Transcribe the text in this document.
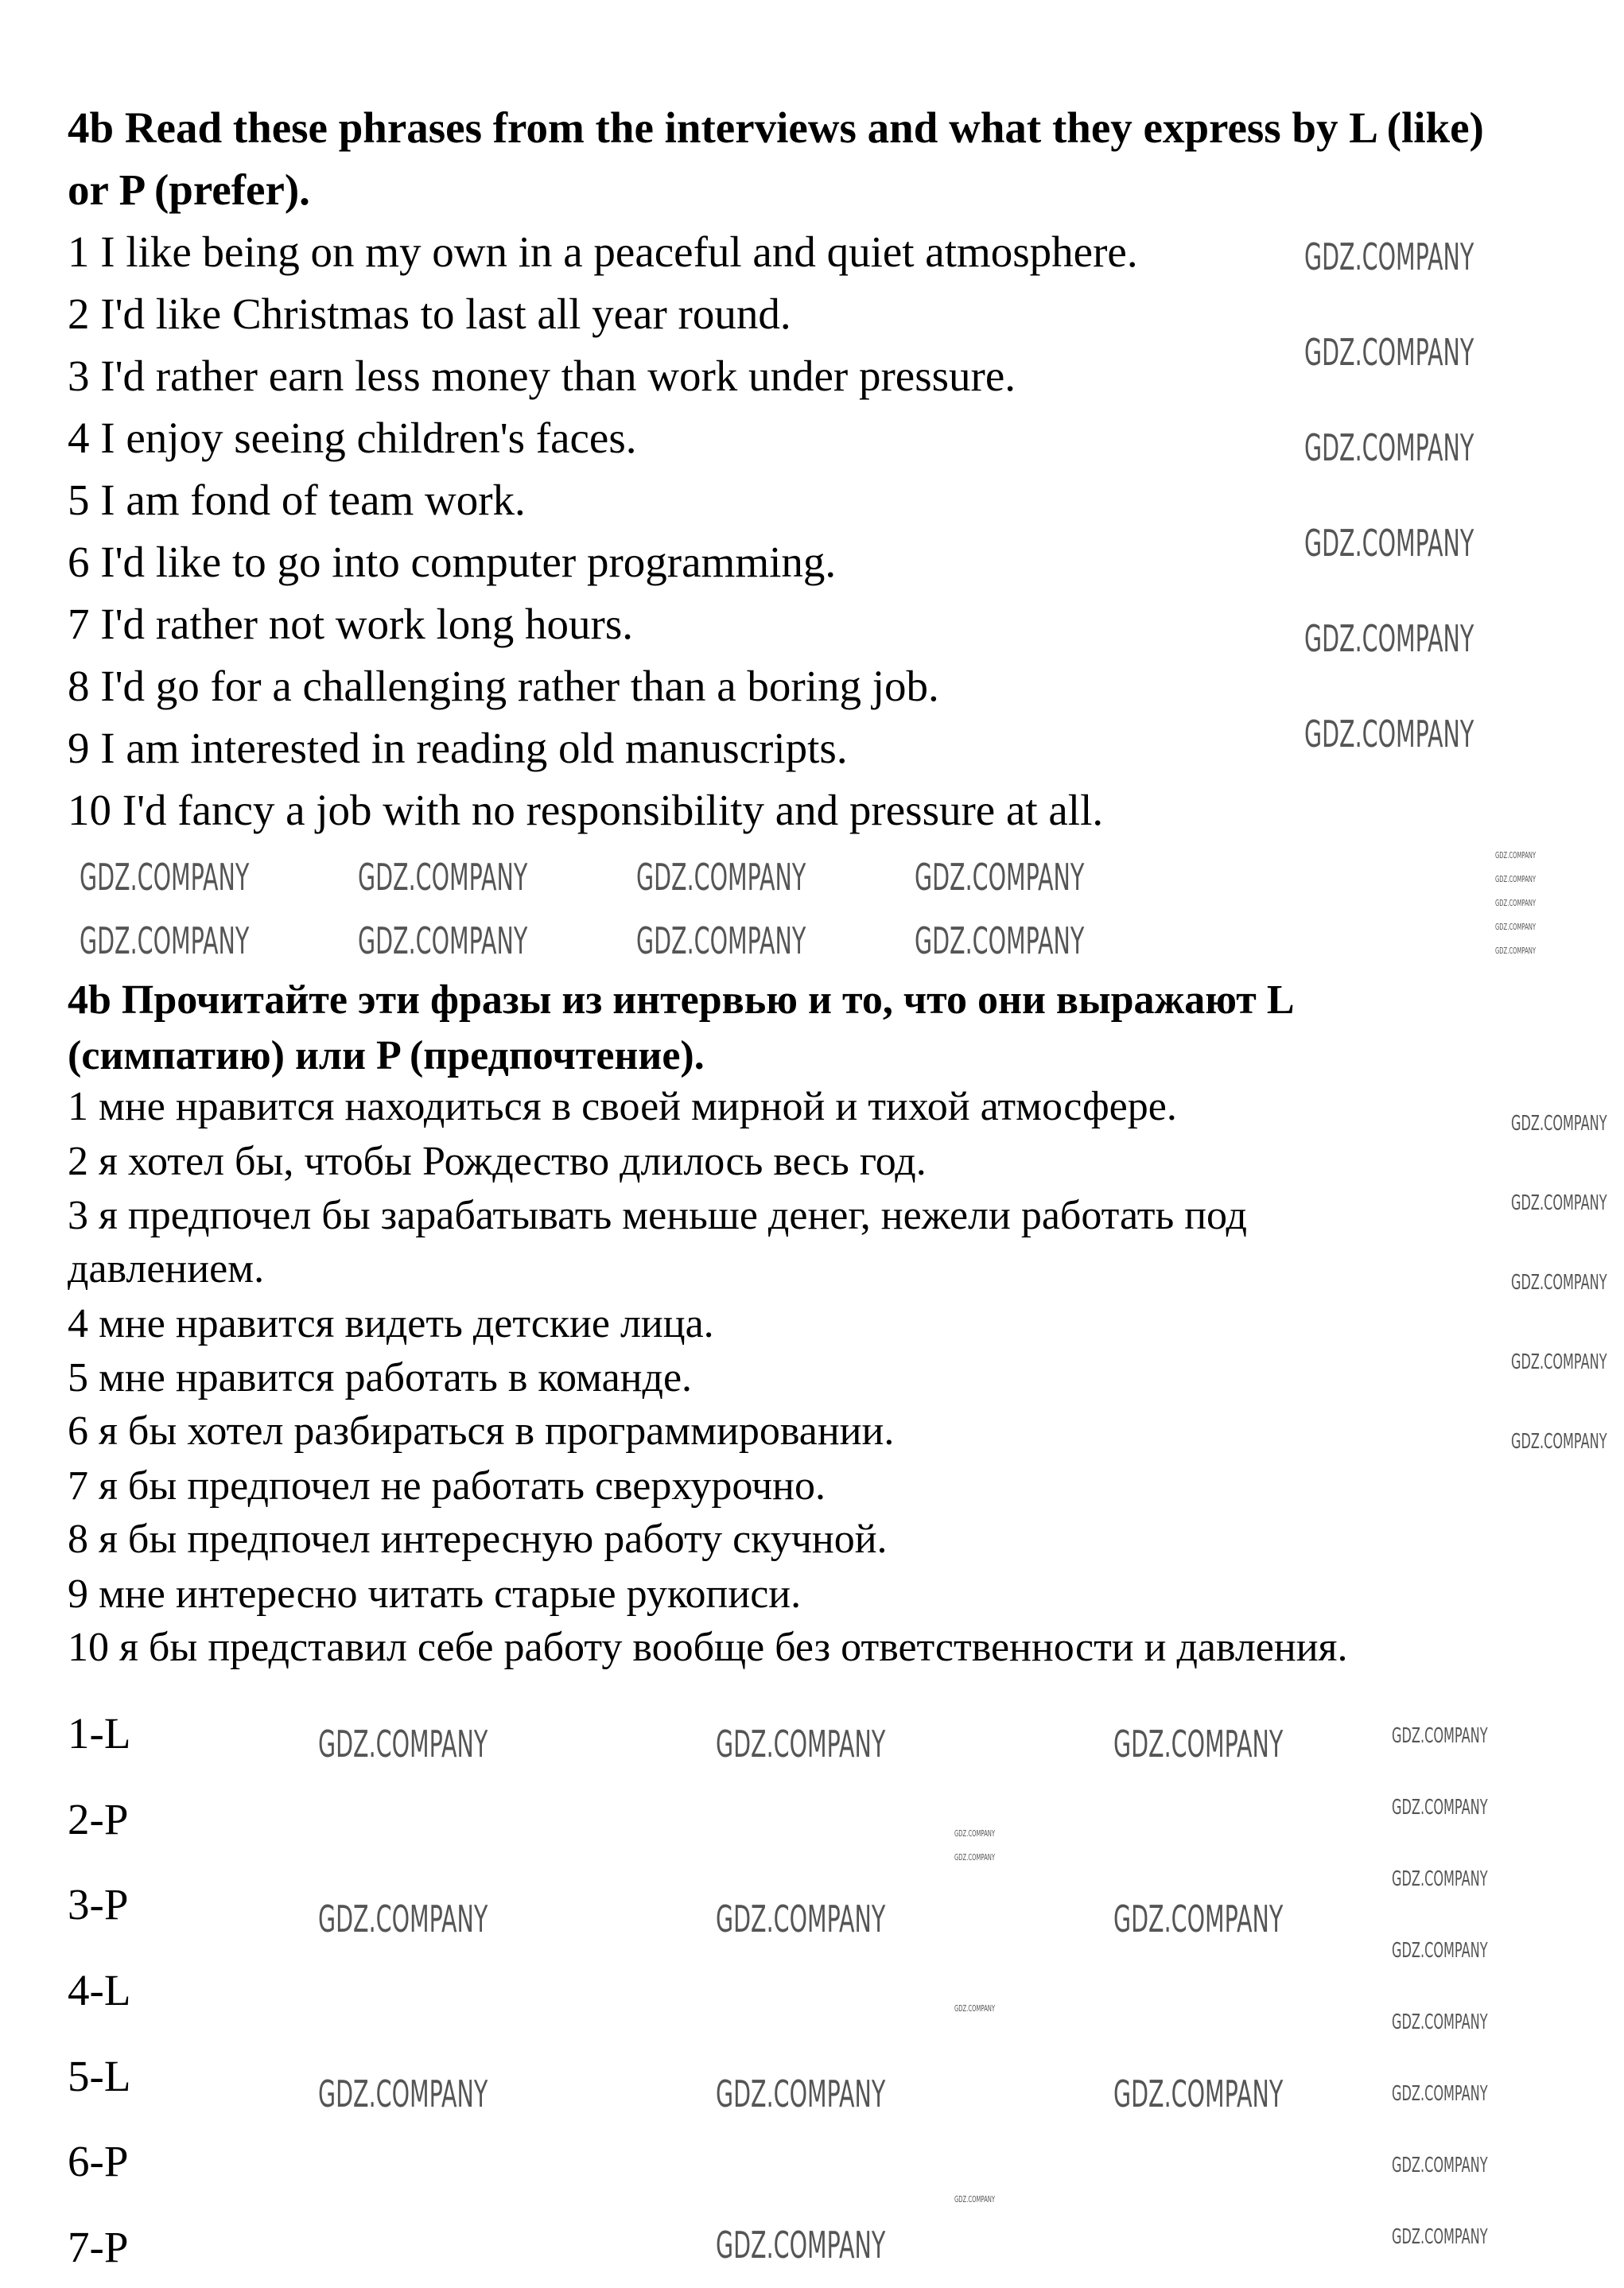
4b Read these phrases from the interviews and what they express by L (like)
or P (prefer).
1 I like being on my own in a peaceful and quiet atmosphere.
2 I'd like Christmas to last all year round.
3 I'd rather earn less money than work under pressure.
4 I enjoy seeing children's faces.
5 I am fond of team work.
6 I'd like to go into computer programming.
7 I'd rather not work long hours.
8 I'd go for a challenging rather than a boring job.
9 I am interested in reading old manuscripts.
10 I'd fancy a job with no responsibility and pressure at all.
4b Прочитайте эти фразы из интервью и то, что они выражают L
(симпатию) или P (предпочтение).
1 мне нравится находиться в своей мирной и тихой атмосфере.
2 я хотел бы, чтобы Рождество длилось весь год.
3 я предпочел бы зарабатывать меньше денег, нежели работать под
давлением.
4 мне нравится видеть детские лица.
5 мне нравится работать в команде.
6 я бы хотел разбираться в программировании.
7 я бы предпочел не работать сверхурочно.
8 я бы предпочел интересную работу скучной.
9 мне интересно читать старые рукописи.
10 я бы представил себе работу вообще без ответственности и давления.
1-L
2-P
3-P
4-L
5-L
6-P
7-P
GDZ.COMPANY
GDZ.COMPANY
GDZ.COMPANY
GDZ.COMPANY
GDZ.COMPANY
GDZ.COMPANY
GDZ.COMPANY	GDZ.COMPANY	GDZ.COMPANY	GDZ.COMPANY
GDZ.COMPANY	GDZ.COMPANY	GDZ.COMPANY	GDZ.COMPANY
GDZ.COMPANY	GDZ.COMPANY	GDZ.COMPANY
GDZ.COMPANY	GDZ.COMPANY	GDZ.COMPANY
GDZ.COMPANY	GDZ.COMPANY	GDZ.COMPANY
GDZ.COMPANY
GDZ.COMPANY
GDZ.COMPANY
GDZ.COMPANY
GDZ.COMPANY
GDZ.COMPANY
GDZ.COMPANY
GDZ.COMPANY
GDZ.COMPANY
GDZ.COMPANY
GDZ.COMPANY
GDZ.COMPANY
GDZ.COMPANY
GDZ.COMPANY
GDZ.COMPANY
GDZ.COMPANY
GDZ.COMPANY
GDZ.COMPANY
GDZ.COMPANY
GDZ.COMPANY
GDZ.COMPANY
GDZ.COMPANY
GDZ.COMPANY
